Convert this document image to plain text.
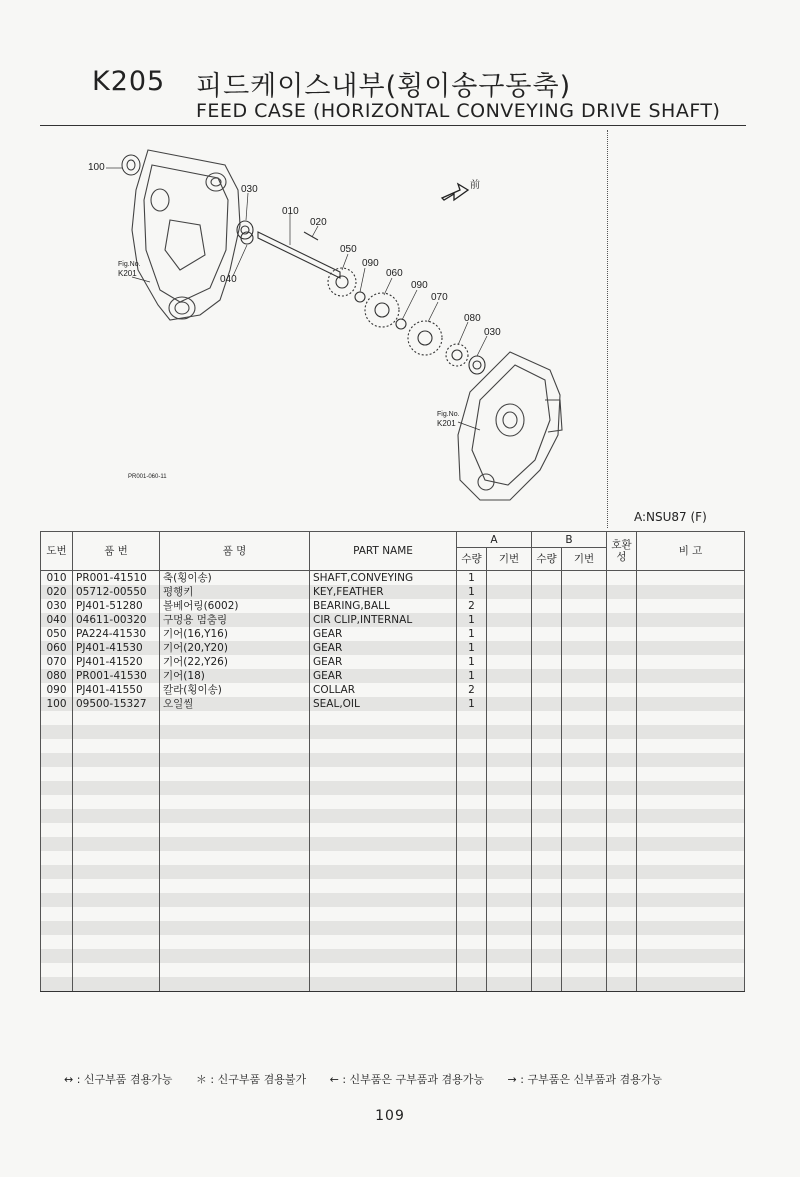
K205 피드케이스내부(횡이송구동축)
FEED CASE (HORIZONTAL CONVEYING DRIVE SHAFT)
前
100
030
010
020
050
090
060
090
070
080
030
040
Fig.No.
K201
Fig.No.
K201
PR001-060-11
A:NSU87 (F)
도번	품 번	품 명	PART NAME	A		B		호환성	비 고
				수량	기번	수량	기번		
010	PR001-41510	축(횡이송)	SHAFT,CONVEYING	1					
020	05712-00550	평행키	KEY,FEATHER	1					
030	PJ401-51280	볼베어링(6002)	BEARING,BALL	2					
040	04611-00320	구멍용 멈춤링	CIR CLIP,INTERNAL	1					
050	PA224-41530	기어(16,Y16)	GEAR	1					
060	PJ401-41530	기어(20,Y20)	GEAR	1					
070	PJ401-41520	기어(22,Y26)	GEAR	1					
080	PR001-41530	기어(18)	GEAR	1					
090	PJ401-41550	칼라(횡이송)	COLLAR	2					
100	09500-15327	오일씰	SEAL,OIL	1					

↔ : 신구부품 겸용가능 ＊ : 신구부품 겸용불가 ← : 신부품은 구부품과 겸용가능 → : 구부품은 신부품과 겸용가능
109
